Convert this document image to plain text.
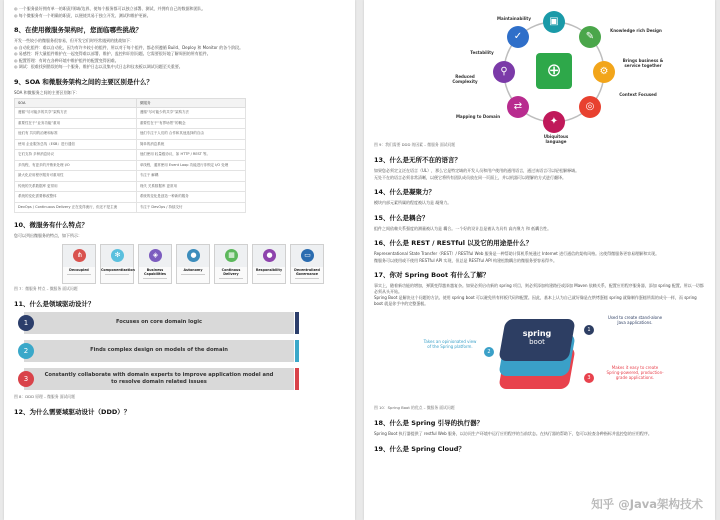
◎ 一个服务最好拥有单一的职责/领域/边界，使每个服务都可以独立部署、测试，并拥有自己的数据和团队。
◎ 每个微服务有一个明确的职责，以便使其易于独立开发、测试和维护更新。
8、在使用微服务架构时，您面临哪些挑战？
开发一些较小的微服务很容易，但开发它们时经常遇到的挑战如下：
◎ 自动化组件：难以自动化，因为有许多较小的组件，所以对于每个组件，都必须遵循 Build、Deploy 和 Monitor 的各个阶段。
◎ 易感性：将大量组件维护在一起变得难以部署、维护、监控和识别问题。它需要很好地了解周围的所有组件。
◎ 配置管理：有时在各种环境中维护组件的配置变得困难。
◎ 调试：很难找到错误的每一个服务，维护日志以及集中式日志和仪表板以调试问题至关重要。
9、SOA 和微服务架构之间的主要区别是什么？
SOA 和微服务之间的主要区别如下：
SOA	微服务
遵循“尽可能多的共享”架构方法	遵循“尽可能少的共享”架构方法
重要性在于“业务功能”重用	重要性在于“有界场景”的概念
他们有 共同的治理和标准	他们专注于人们的 合作和其他选择的自由
使用 企业服务总线（ESB）进行通信	简单的消息系统
它们支持 多种消息协议	他们使用 轻量级协议，如 HTTP / REST 等。
多线程，有更多的开销来处理 I/O	单线程，通常使用 Event Loop 功能进行非锁定 I/O 处理
最大化应用程序服务可重用性	专注于 解耦
传统的关系数据库 更常用	现代 关系数据库 更常用
系统的变化需要修改整体	系统的变化是创造一种新的服务
DevOps / Continuous Delivery 正在变得流行，但还不是主流	专注于 DevOps / 持续交付
10、微服务有什么特点？
您可以列出微服务的特点，如下所示：
⋔
Decoupled
✻
Componentization
◈
Business Capabilities
●
Autonomy
▦
Continous Delivery
●
Responsibility
▭
Decentralized Governance
图 7：微服务 特点 – 微服务 面试问题
11、什么是领域驱动设计？
1	Focuses on core domain logic
2	Finds complex design on models of the domain
3	Constantly collaborate with domain experts to improve application model and to resolve domain related issues
图 8：DDD 原理 – 微服务 面试问题
12、为什么需要域驱动设计（DDD）？
⊕
▣
✎
⚙
◎
✦
⇄
⚲
✓
Maintainability
Knowledge rich Design
Brings business & service together
Context Focused
Ubiquitous language
Mapping to Domain
Reduced Complexity
Testability
图 9：我们需要 DDD 的因素 – 微服务 面试问题
13、什么是无所不在的语言？
如果您必须定义泛在语言（UL），那么它是特定域的开发人员和用户使用的通用语言，通过该语言可以轻松解释域。
无处不在的语言必须非常清晰，以便它将所有团队成员放在同一页面上，并以机器可以理解的方式进行翻译。
14、什么是凝聚力？
模块内部元素所属的程度被认为是 凝聚力。
15、什么是耦合？
组件之间依赖关系强度的测量被认为是 耦合。一个好的设计总是被认为具有 高内聚力 和 低耦合性。
16、什么是 REST / RESTful 以及它的用途是什么？
Representational State Transfer（REST）/ RESTful Web 服务是一种帮助计算机系统通过 Internet 进行通信的架构风格。这使得微服务更容易理解和实现。
微服务可以使用或不使用 RESTful API 实现，但总是 RESTful API 构建松散耦合的微服务要容易得多。
17、你对 Spring Boot 有什么了解？
事实上，随着新功能的增加，弹簧变得越来越复杂。如果必须启动新的 spring 项目，则必须添加构建路径或添加 Maven 依赖关系，配置应用程序服务器，添加 spring 配置。所以一切都必须从头开始。
Spring Boot 是解决这个问题的方法。使用 spring boot 可以避免所有样板代码和配置。因此，基本上认为自己就好像是在烘烤蛋糕 spring 就像制作蛋糕所需的成分一样，而 spring boot 就是你手中的完整蛋糕。
spring
boot
1
2
3
Used to create stand-alone Java applications.
Takes an opinionated view of the Spring platform.
Makes it easy to create Spring-powered, production-grade applications.
图 10：Spring Boot 的优点 – 微服务 面试问题
18、什么是 Spring 引导的执行器？
Spring Boot 执行器提供了 restful Web 服务，以访问生产环境中运行应用程序的当前状态。在执行器的帮助下，您可以检查各种指标并监控您的应用程序。
19、什么是 Spring Cloud？
知乎 @Java架构技术
